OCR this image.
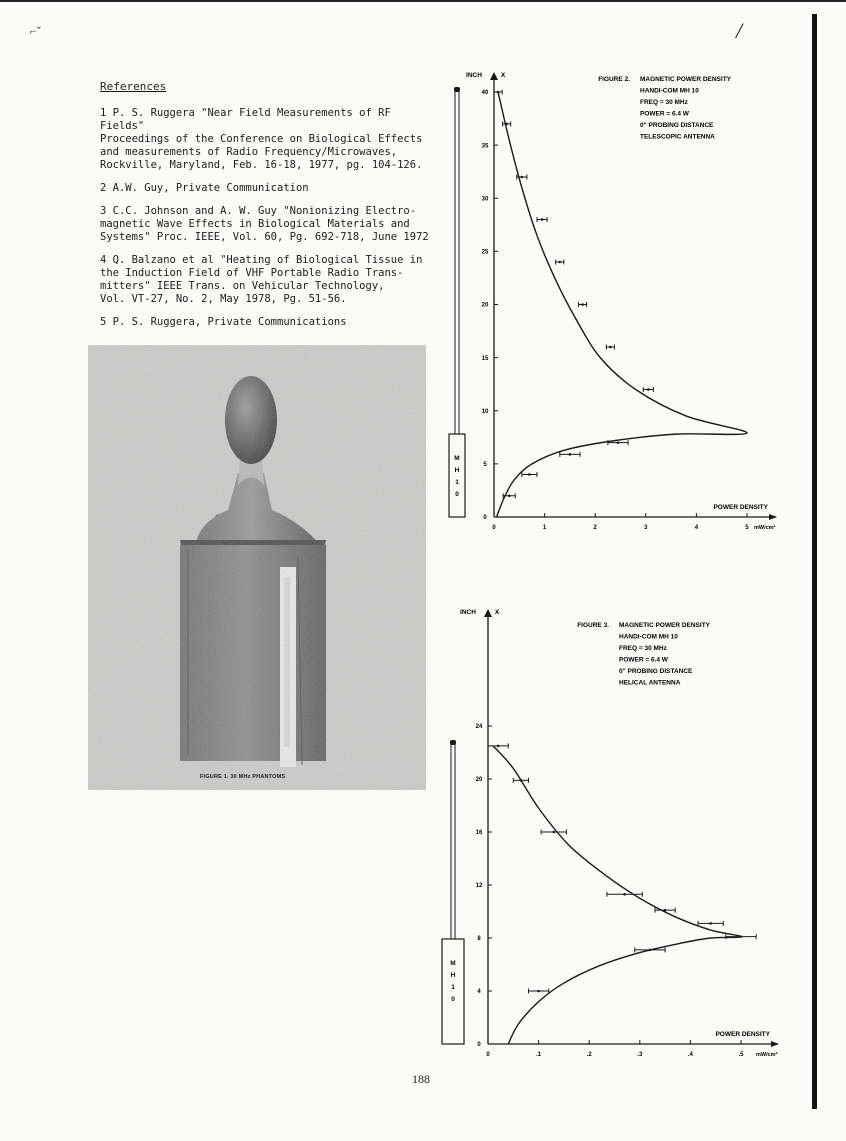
⌐ˇ	/
References

1 P. S. Ruggera "Near Field Measurements of RF Fields"
Proceedings of the Conference on Biological Effects
and measurements of Radio Frequency/Microwaves,
Rockville, Maryland, Feb. 16-18, 1977, pg. 104-126.

2 A.W. Guy, Private Communication

3 C.C. Johnson and A. W. Guy "Nonionizing Electro-
magnetic Wave Effects in Biological Materials and
Systems" Proc. IEEE, Vol. 60, Pg. 692-718, June 1972

4 Q. Balzano et al "Heating of Biological Tissue in
the Induction Field of VHF Portable Radio Trans-
mitters" IEEE Trans. on Vehicular Technology,
Vol. VT-27, No. 2, May 1978, Pg. 51-56.

5 P. S. Ruggera, Private Communications

FIGURE 1. 30 MHz PHANTOMS
INCH	X
0
5
10
15
20
25
30
35
40
0	1	2	3	4	5
POWER DENSITY
mW/cm²
FIGURE 2. MAGNETIC POWER DENSITY
HANDI-COM MH 10
FREQ = 30 MHz
POWER = 6.4 W
0" PROBING DISTANCE
TELESCOPIC ANTENNA
M
H
1
0
INCH	X
0
4
8
12
16
20
24
0	.1	.2	.3	.4	.5
POWER DENSITY
mW/cm²
FIGURE 3. MAGNETIC POWER DENSITY
HANDI-COM MH 10
FREQ = 30 MHz
POWER = 6.4 W
0" PROBING DISTANCE
HELICAL ANTENNA
M
H
1
0
188
